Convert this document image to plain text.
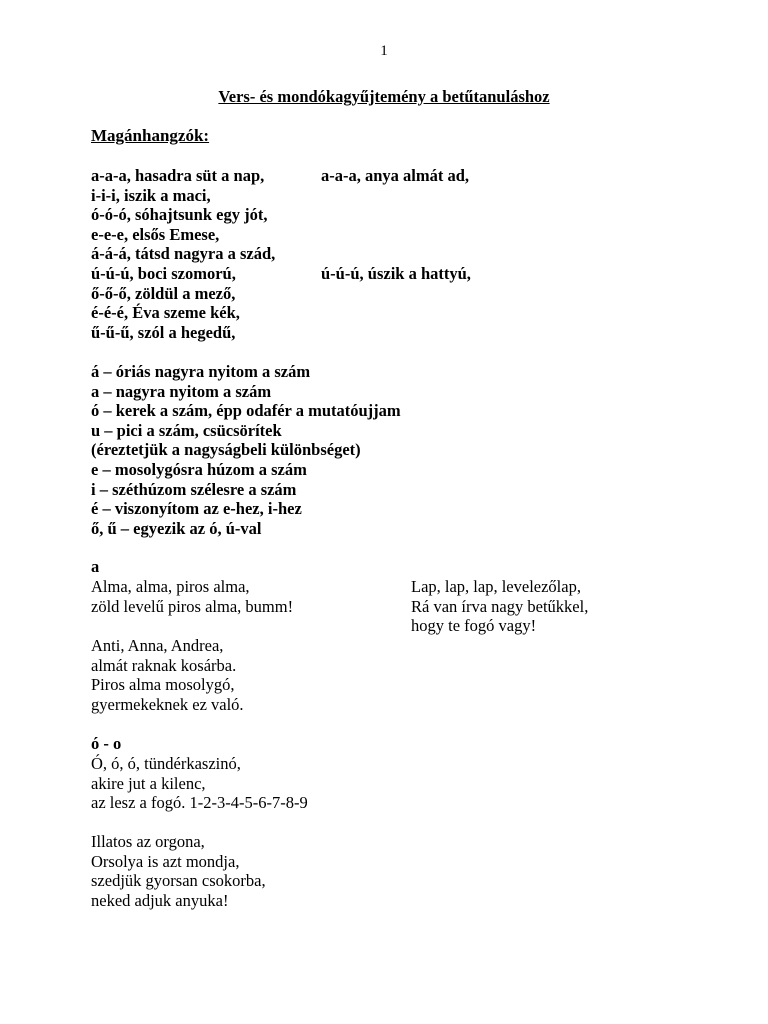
1
Vers- és mondókagyűjtemény a betűtanuláshoz
Magánhangzók:
a-a-a, hasadra süt a nap,
i-i-i, iszik a maci,
ó-ó-ó, sóhajtsunk egy jót,
e-e-e, elsős Emese,
á-á-á, tátsd nagyra a szád,
ú-ú-ú, boci szomorú,
ő-ő-ő, zöldül a mező,
é-é-é, Éva szeme kék,
ű-ű-ű, szól a hegedű,
a-a-a, anya almát ad,
ú-ú-ú, úszik a hattyú,
á – óriás nagyra nyitom a szám
a – nagyra nyitom a szám
ó – kerek a szám, épp odafér a mutatóujjam
u – pici a szám, csücsörítek
(éreztetjük a nagyságbeli különbséget)
e – mosolygósra húzom a szám
i – széthúzom szélesre a szám
é – viszonyítom az e-hez, i-hez
ő, ű – egyezik az ó, ú-val
a
Alma, alma, piros alma,
zöld levelű piros alma, bumm!
Lap, lap, lap, levelezőlap,
Rá van írva nagy betűkkel,
hogy te fogó vagy!
Anti, Anna, Andrea,
almát raknak kosárba.
Piros alma mosolygó,
gyermekeknek ez való.
ó - o
Ó, ó, ó, tündérkaszinó,
akire jut a kilenc,
az lesz a fogó. 1-2-3-4-5-6-7-8-9
Illatos az orgona,
Orsolya is azt mondja,
szedjük gyorsan csokorba,
neked adjuk anyuka!
